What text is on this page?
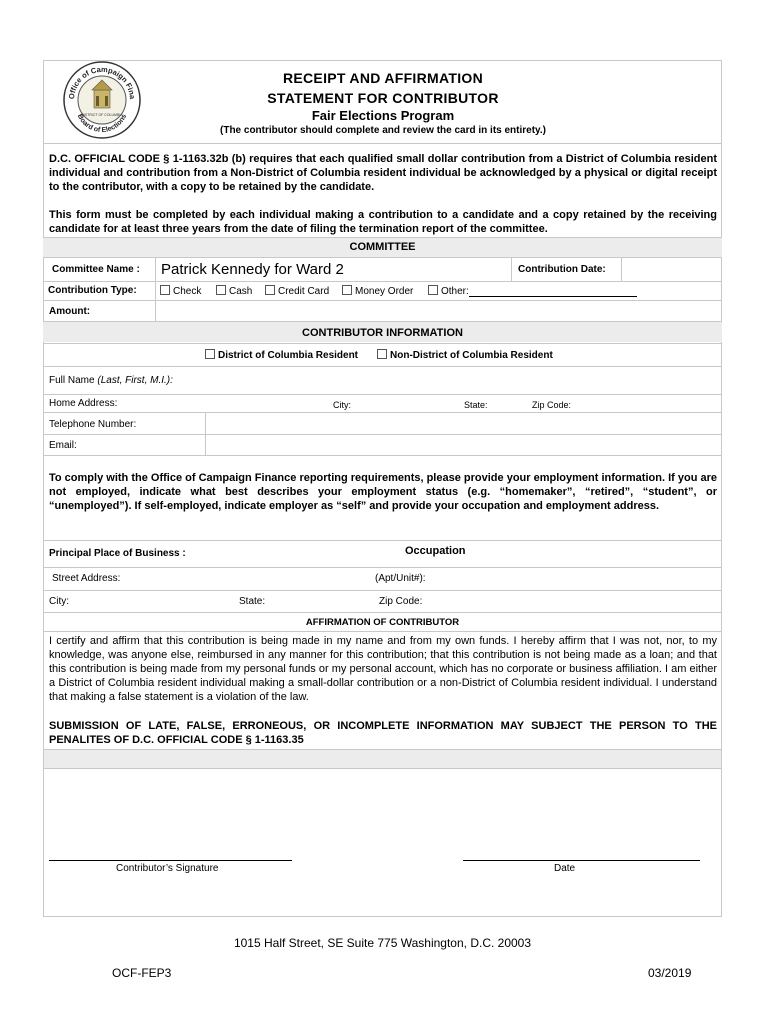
Office of Campaign Fina
Board of Elections
DISTRICT OF COLUMBIA
RECEIPT AND AFFIRMATION
STATEMENT FOR CONTRIBUTOR
Fair Elections Program
(The contributor should complete and review the card in its entirety.)
D.C. OFFICIAL CODE § 1-1163.32b (b) requires that each qualified small dollar contribution from a District of Columbia resident individual and contribution from a Non-District of Columbia resident individual be acknowledged by a physical or digital receipt to the contributor, with a copy to be retained by the candidate.
This form must be completed by each individual making a contribution to a candidate and a copy retained by the receiving candidate for at least three years from the date of filing the termination report of the committee.
COMMITTEE
Committee Name : Patrick Kennedy for Ward 2	Contribution Date:
Contribution Type:	Check	Cash	Credit Card	Money Order	Other:
Amount:
CONTRIBUTOR INFORMATION
District of Columbia Resident	Non-District of Columbia Resident
Full Name (Last, First, M.I.):
Home Address:	City:	State:	Zip Code:
Telephone Number:
Email:
To comply with the Office of Campaign Finance reporting requirements, please provide your employment information. If you are not employed, indicate what best describes your employment status (e.g. “homemaker”, “retired”, “student”, or “unemployed”). If self-employed, indicate employer as “self” and provide your occupation and employment address.
Principal Place of Business :	Occupation
Street Address:	(Apt/Unit#):
City:	State:	Zip Code:
AFFIRMATION OF CONTRIBUTOR
I certify and affirm that this contribution is being made in my name and from my own funds. I hereby affirm that I was not, nor, to my knowledge, was anyone else, reimbursed in any manner for this contribution; that this contribution is not being made as a loan; and that this contribution is being made from my personal funds or my personal account, which has no corporate or business affiliation. I am either a District of Columbia resident individual making a small-dollar contribution or a non-District of Columbia resident individual. I understand that making a false statement is a violation of the law.
SUBMISSION OF LATE, FALSE, ERRONEOUS, OR INCOMPLETE INFORMATION MAY SUBJECT THE PERSON TO THE PENALITES OF D.C. OFFICIAL CODE § 1-1163.35
Contributor’s Signature	Date
1015 Half Street, SE Suite 775 Washington, D.C. 20003
OCF-FEP3	03/2019
